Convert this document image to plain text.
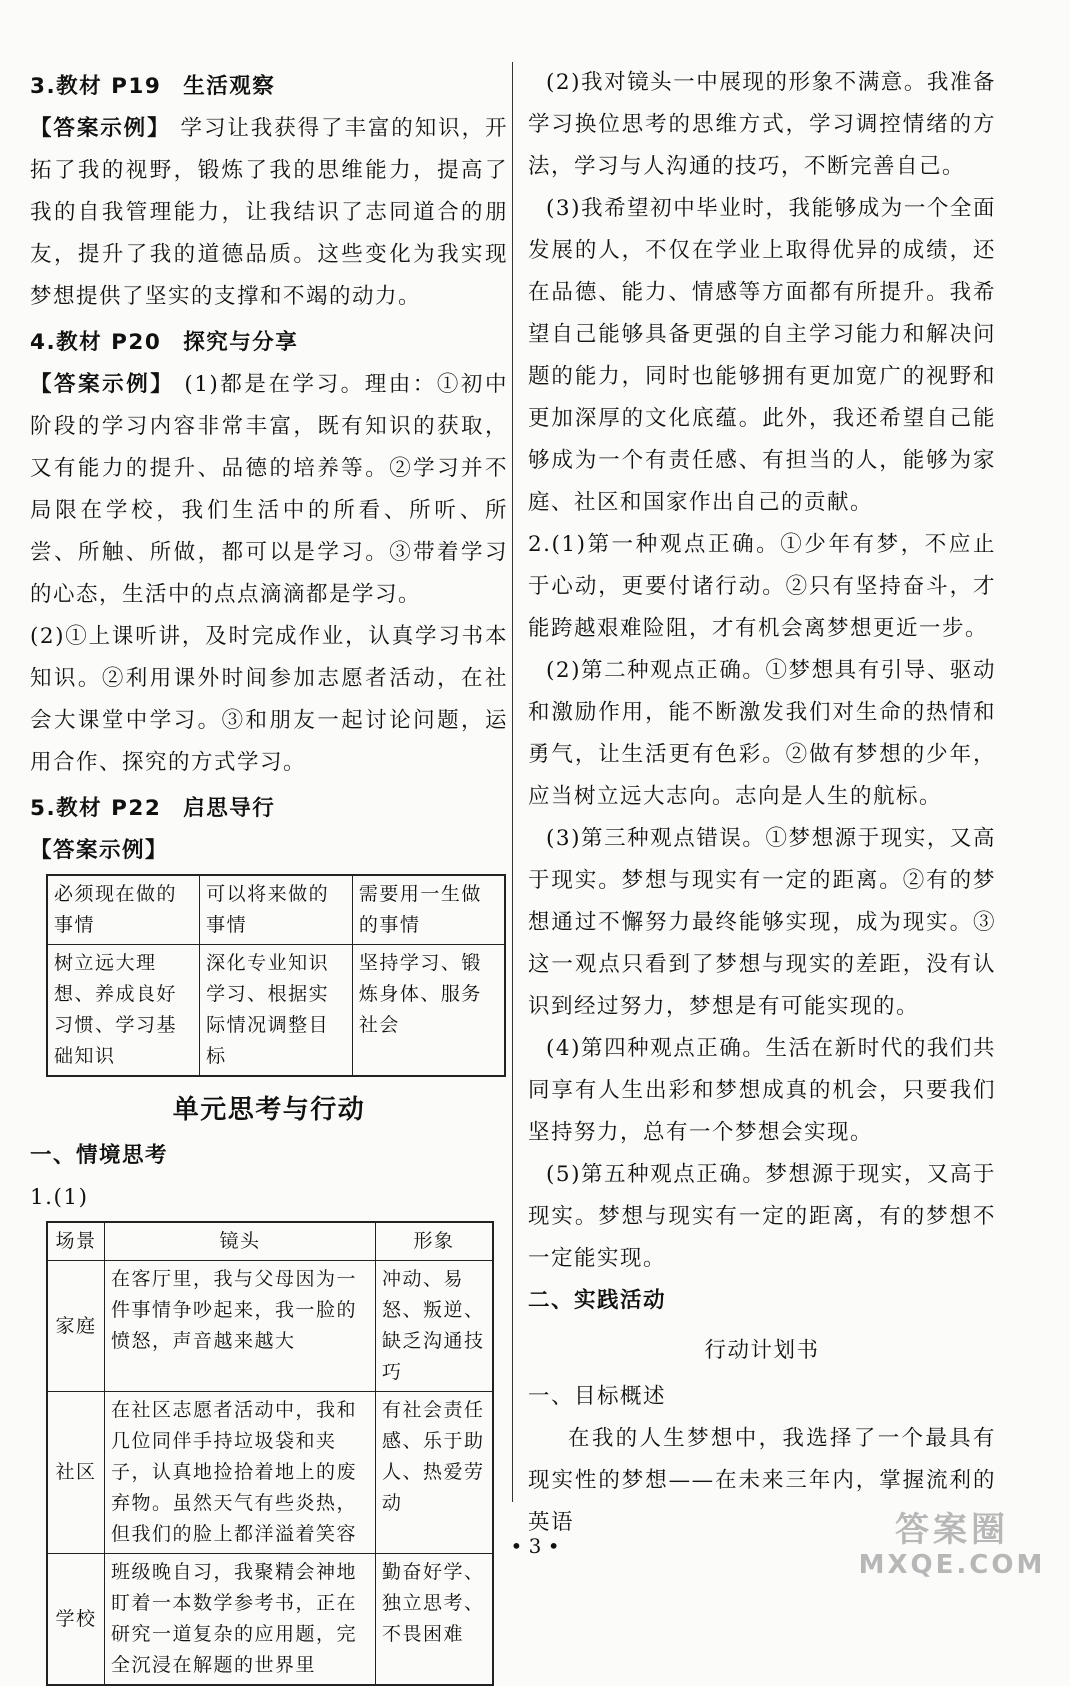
3.教材 P19 生活观察

【答案示例】 学习让我获得了丰富的知识，开拓了我的视野，锻炼了我的思维能力，提高了我的自我管理能力，让我结识了志同道合的朋友，提升了我的道德品质。这些变化为我实现梦想提供了坚实的支撑和不竭的动力。

4.教材 P20 探究与分享

【答案示例】 (1)都是在学习。理由：①初中阶段的学习内容非常丰富，既有知识的获取，又有能力的提升、品德的培养等。②学习并不局限在学校，我们生活中的所看、所听、所尝、所触、所做，都可以是学习。③带着学习的心态，生活中的点点滴滴都是学习。

(2)①上课听讲，及时完成作业，认真学习书本知识。②利用课外时间参加志愿者活动，在社会大课堂中学习。③和朋友一起讨论问题，运用合作、探究的方式学习。

5.教材 P22 启思导行
【答案示例】
必须现在做的事情	可以将来做的事情	需要用一生做的事情
树立远大理想、养成良好习惯、学习基础知识	深化专业知识学习、根据实际情况调整目标	坚持学习、锻炼身体、服务社会
单元思考与行动
一、情境思考
1.(1)
场景	镜头	形象
家庭	在客厅里，我与父母因为一件事情争吵起来，我一脸的愤怒，声音越来越大	冲动、易怒、叛逆、缺乏沟通技巧
社区	在社区志愿者活动中，我和几位同伴手持垃圾袋和夹子，认真地捡拾着地上的废弃物。虽然天气有些炎热，但我们的脸上都洋溢着笑容	有社会责任感、乐于助人、热爱劳动
学校	班级晚自习，我聚精会神地盯着一本数学参考书，正在研究一道复杂的应用题，完全沉浸在解题的世界里	勤奋好学、独立思考、不畏困难

(2)我对镜头一中展现的形象不满意。我准备学习换位思考的思维方式，学习调控情绪的方法，学习与人沟通的技巧，不断完善自己。

(3)我希望初中毕业时，我能够成为一个全面发展的人，不仅在学业上取得优异的成绩，还在品德、能力、情感等方面都有所提升。我希望自己能够具备更强的自主学习能力和解决问题的能力，同时也能够拥有更加宽广的视野和更加深厚的文化底蕴。此外，我还希望自己能够成为一个有责任感、有担当的人，能够为家庭、社区和国家作出自己的贡献。

2.(1)第一种观点正确。①少年有梦，不应止于心动，更要付诸行动。②只有坚持奋斗，才能跨越艰难险阻，才有机会离梦想更近一步。

(2)第二种观点正确。①梦想具有引导、驱动和激励作用，能不断激发我们对生命的热情和勇气，让生活更有色彩。②做有梦想的少年，应当树立远大志向。志向是人生的航标。

(3)第三种观点错误。①梦想源于现实，又高于现实。梦想与现实有一定的距离。②有的梦想通过不懈努力最终能够实现，成为现实。③这一观点只看到了梦想与现实的差距，没有认识到经过努力，梦想是有可能实现的。

(4)第四种观点正确。生活在新时代的我们共同享有人生出彩和梦想成真的机会，只要我们坚持努力，总有一个梦想会实现。

(5)第五种观点正确。梦想源于现实，又高于现实。梦想与现实有一定的距离，有的梦想不一定能实现。

二、实践活动
行动计划书
一、目标概述

在我的人生梦想中，我选择了一个最具有现实性的梦想——在未来三年内，掌握流利的英语

• 3 •	答案圈
MXQE.COM
